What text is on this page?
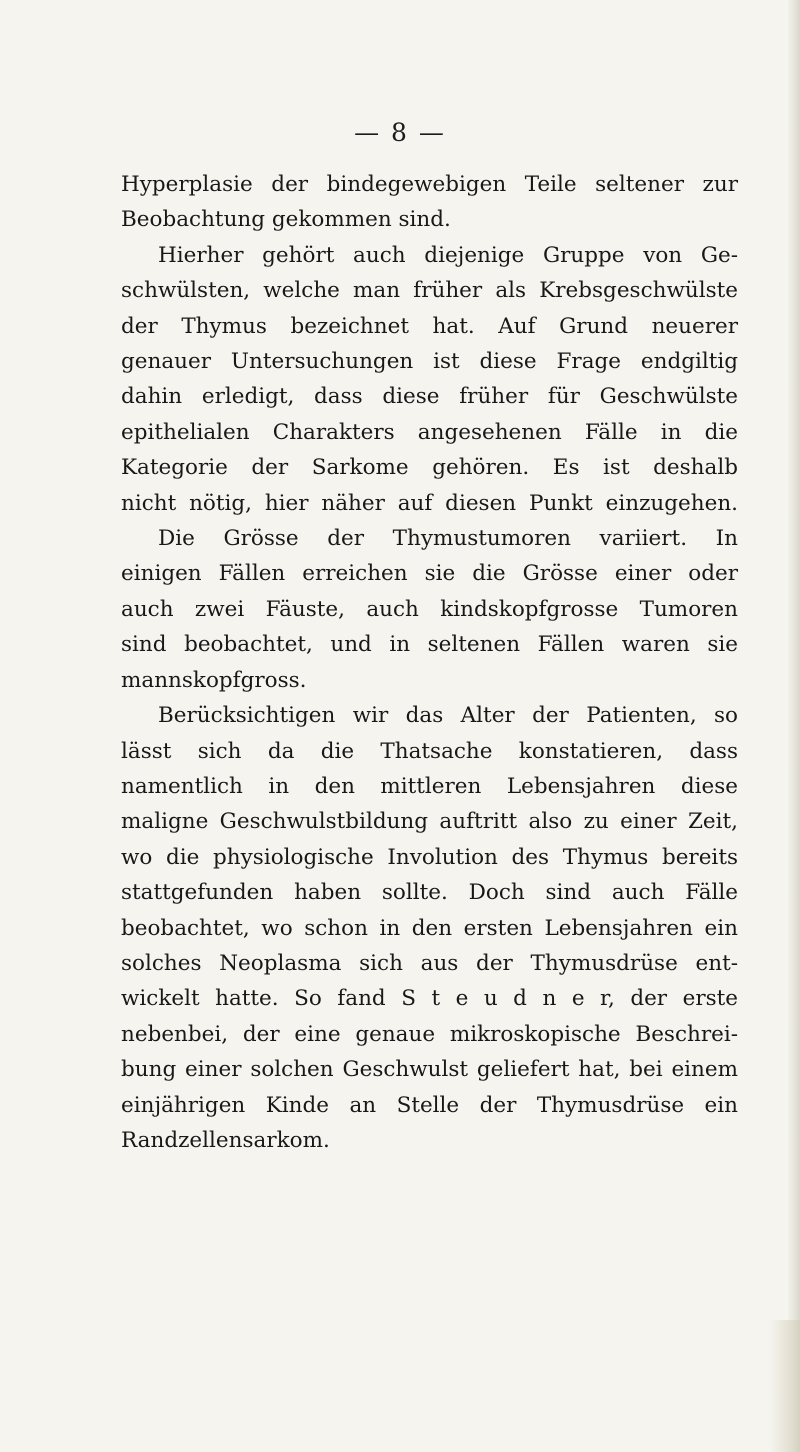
— 8 —

Hyperplasie der bindegewebigen Teile seltener zur
Beobachtung gekommen sind.
Hierher gehört auch diejenige Gruppe von Ge-
schwülsten, welche man früher als Krebsgeschwülste
der Thymus bezeichnet hat. Auf Grund neuerer
genauer Untersuchungen ist diese Frage endgiltig
dahin erledigt, dass diese früher für Geschwülste
epithelialen Charakters angesehenen Fälle in die
Kategorie der Sarkome gehören. Es ist deshalb
nicht nötig, hier näher auf diesen Punkt einzugehen.
Die Grösse der Thymustumoren variiert. In
einigen Fällen erreichen sie die Grösse einer oder
auch zwei Fäuste, auch kindskopfgrosse Tumoren
sind beobachtet, und in seltenen Fällen waren sie
mannskopfgross.
Berücksichtigen wir das Alter der Patienten, so
lässt sich da die Thatsache konstatieren, dass
namentlich in den mittleren Lebensjahren diese
maligne Geschwulstbildung auftritt also zu einer Zeit,
wo die physiologische Involution des Thymus bereits
stattgefunden haben sollte. Doch sind auch Fälle
beobachtet, wo schon in den ersten Lebensjahren ein
solches Neoplasma sich aus der Thymusdrüse ent-
wickelt hatte. So fand S t e u d n e r, der erste
nebenbei, der eine genaue mikroskopische Beschrei-
bung einer solchen Geschwulst geliefert hat, bei einem
einjährigen Kinde an Stelle der Thymusdrüse ein
Randzellensarkom.
